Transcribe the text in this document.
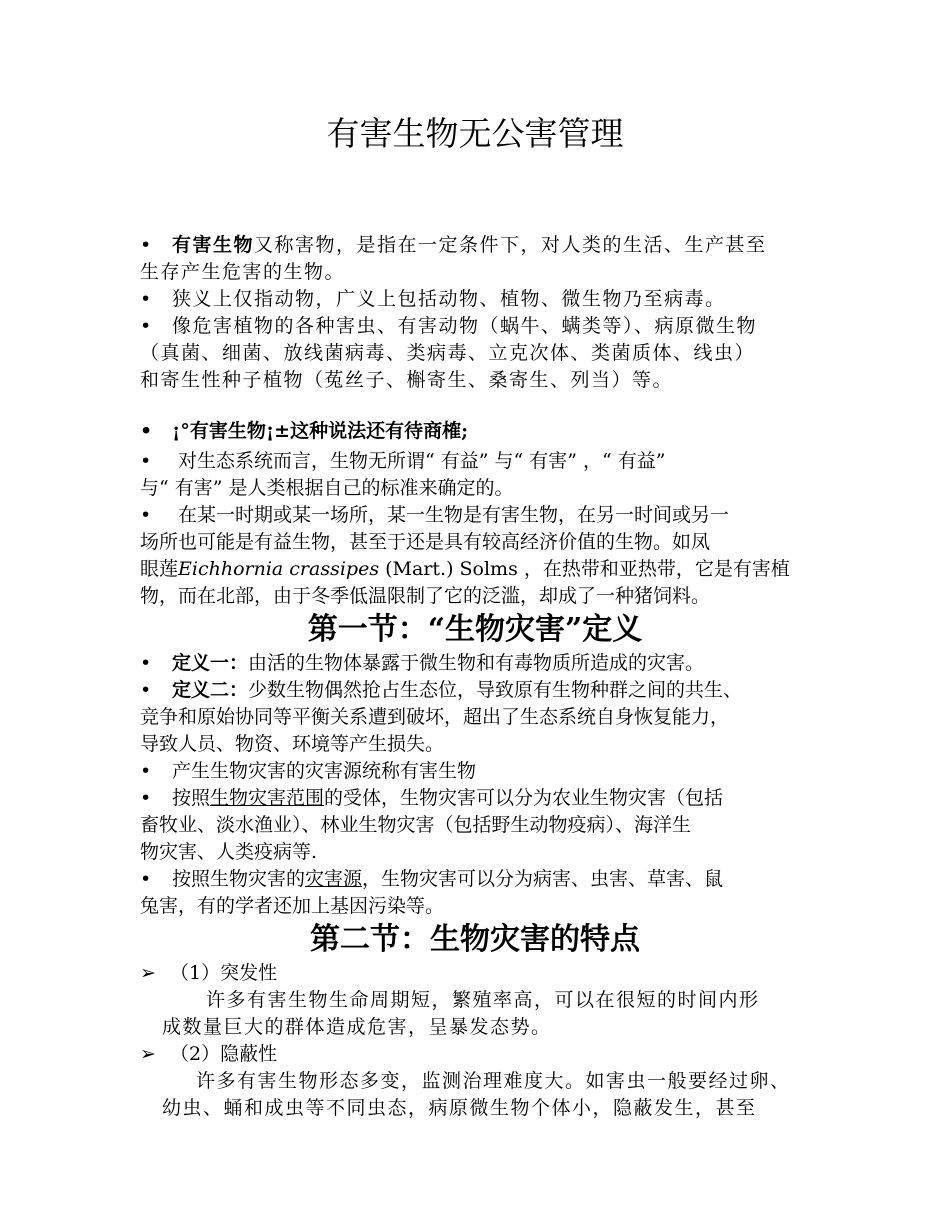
有害生物无公害管理
• 有害生物又称害物，是指在一定条件下，对人类的生活、生产甚至
生存产生危害的生物。
• 狭义上仅指动物，广义上包括动物、植物、微生物乃至病毒。
• 像危害植物的各种害虫、有害动物（蜗牛、螨类等）、病原微生物
（真菌、细菌、放线菌病毒、类病毒、立克次体、类菌质体、线虫）
和寄生性种子植物（菟丝子、槲寄生、桑寄生、列当）等。
• ¡°有害生物¡±这种说法还有待商榷;
• 对生态系统而言，生物无所谓“ 有益” 与“ 有害” ，“ 有益”
与“ 有害” 是人类根据自己的标准来确定的。
• 在某一时期或某一场所，某一生物是有害生物，在另一时间或另一
场所也可能是有益生物，甚至于还是具有较高经济价值的生物。如凤
眼莲Eichhornia crassipes (Mart.) Solms ，在热带和亚热带，它是有害植
物，而在北部，由于冬季低温限制了它的泛滥，却成了一种猪饲料。
第一节：“生物灾害”定义
• 定义一：由活的生物体暴露于微生物和有毒物质所造成的灾害。
• 定义二：少数生物偶然抢占生态位，导致原有生物种群之间的共生、
竞争和原始协同等平衡关系遭到破坏，超出了生态系统自身恢复能力，
导致人员、物资、环境等产生损失。
• 产生生物灾害的灾害源统称有害生物
• 按照生物灾害范围的受体，生物灾害可以分为农业生物灾害（包括
畜牧业、淡水渔业）、林业生物灾害（包括野生动物疫病）、海洋生
物灾害、人类疫病等.
• 按照生物灾害的灾害源，生物灾害可以分为病害、虫害、草害、鼠
兔害，有的学者还加上基因污染等。
第二节：生物灾害的特点
➢ （1）突发性
许多有害生物生命周期短，繁殖率高，可以在很短的时间内形
成数量巨大的群体造成危害，呈暴发态势。
➢ （2）隐蔽性
许多有害生物形态多变，监测治理难度大。如害虫一般要经过卵、
幼虫、蛹和成虫等不同虫态，病原微生物个体小，隐蔽发生，甚至
